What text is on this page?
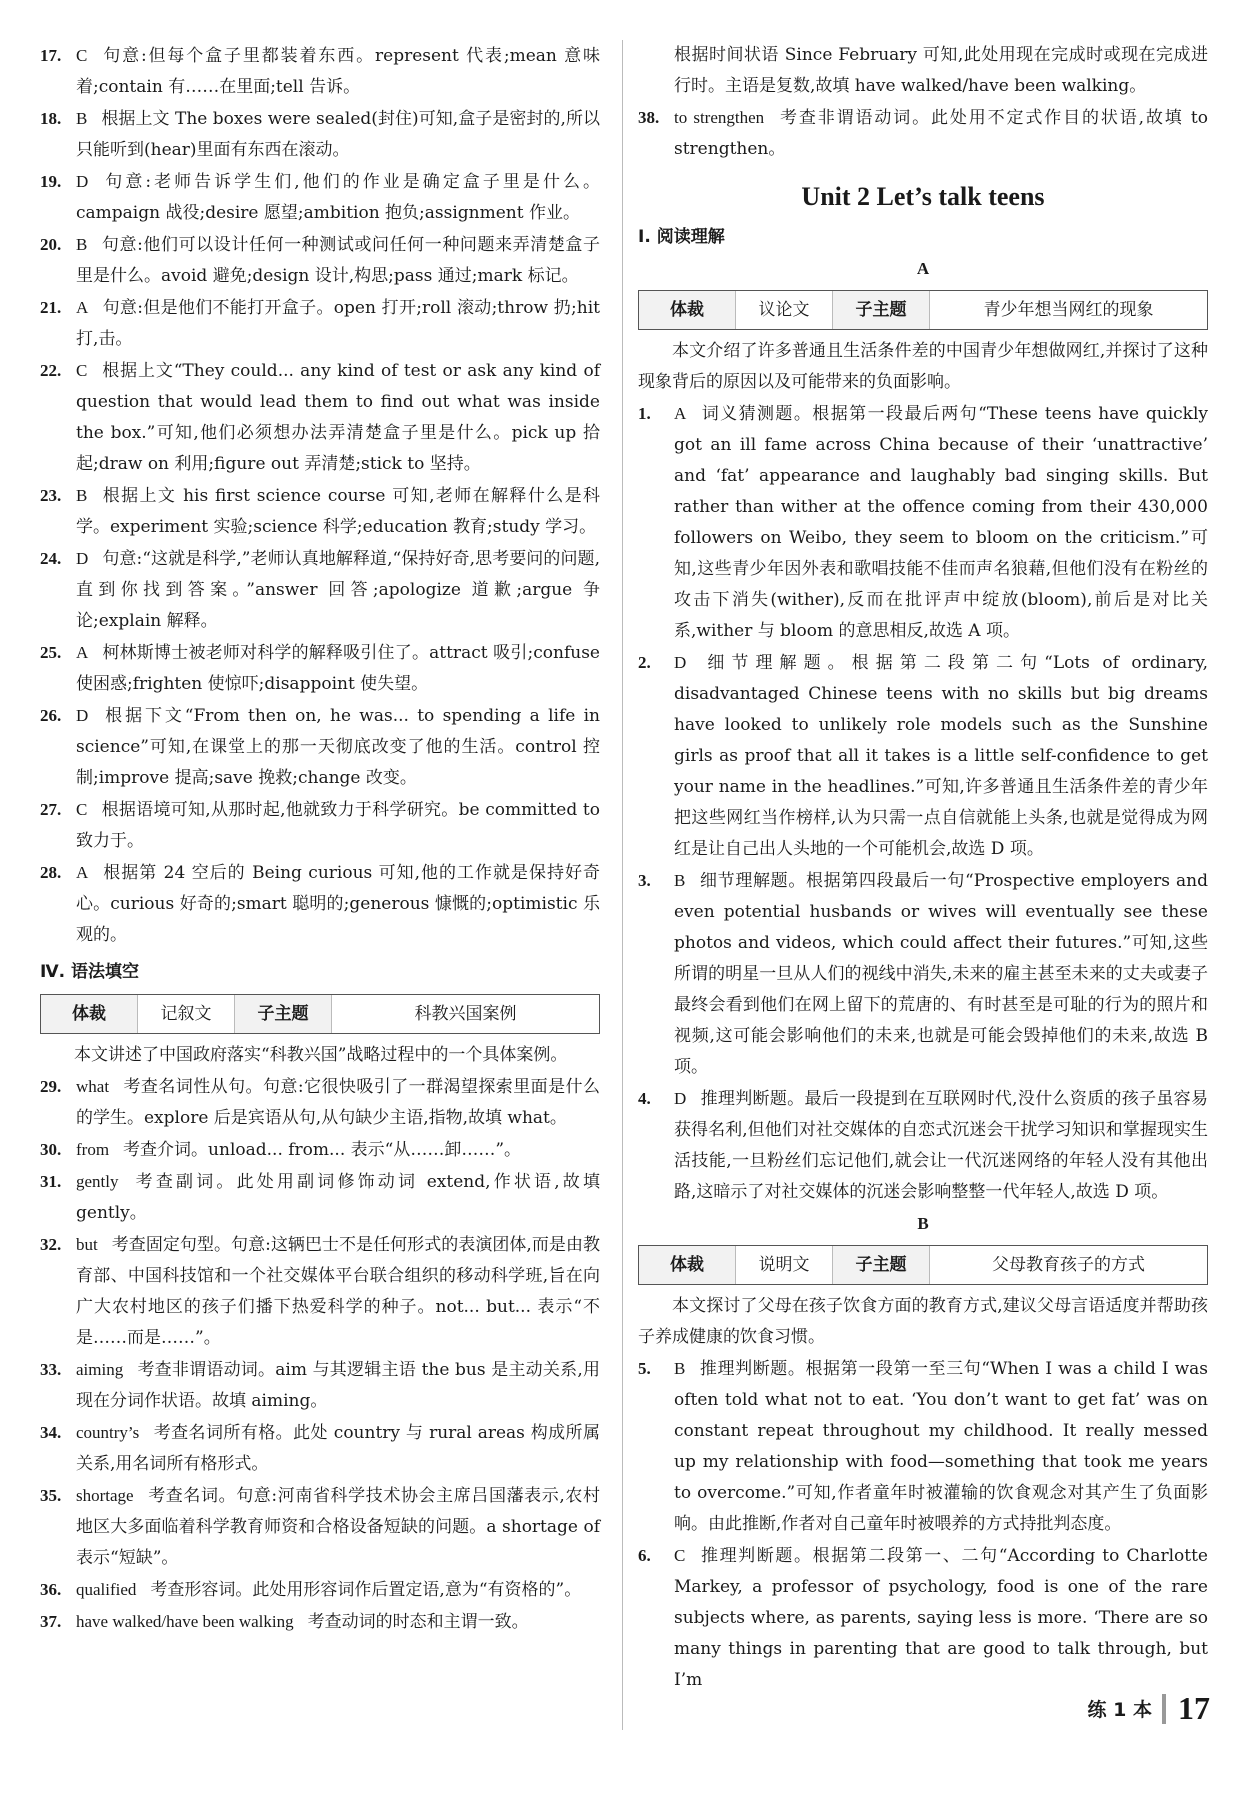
17. C 句意:但每个盒子里都装着东西。represent 代表;mean 意味着;contain 有……在里面;tell 告诉。
18. B 根据上文 The boxes were sealed(封住)可知,盒子是密封的,所以只能听到(hear)里面有东西在滚动。
19. D 句意:老师告诉学生们,他们的作业是确定盒子里是什么。campaign 战役;desire 愿望;ambition 抱负;assignment 作业。
20. B 句意:他们可以设计任何一种测试或问任何一种问题来弄清楚盒子里是什么。avoid 避免;design 设计,构思;pass 通过;mark 标记。
21. A 句意:但是他们不能打开盒子。open 打开;roll 滚动;throw 扔;hit 打,击。
22. C 根据上文“They could... any kind of test or ask any kind of question that would lead them to find out what was inside the box.”可知,他们必须想办法弄清楚盒子里是什么。pick up 拾起;draw on 利用;figure out 弄清楚;stick to 坚持。
23. B 根据上文 his first science course 可知,老师在解释什么是科学。experiment 实验;science 科学;education 教育;study 学习。
24. D 句意:“这就是科学,”老师认真地解释道,“保持好奇,思考要问的问题,直到你找到答案。”answer 回答;apologize 道歉;argue 争论;explain 解释。
25. A 柯林斯博士被老师对科学的解释吸引住了。attract 吸引;confuse 使困惑;frighten 使惊吓;disappoint 使失望。
26. D 根据下文“From then on, he was... to spending a life in science”可知,在课堂上的那一天彻底改变了他的生活。control 控制;improve 提高;save 挽救;change 改变。
27. C 根据语境可知,从那时起,他就致力于科学研究。be committed to 致力于。
28. A 根据第 24 空后的 Being curious 可知,他的工作就是保持好奇心。curious 好奇的;smart 聪明的;generous 慷慨的;optimistic 乐观的。
Ⅳ. 语法填空
体裁	记叙文	子主题	科教兴国案例
本文讲述了中国政府落实“科教兴国”战略过程中的一个具体案例。
29. what 考查名词性从句。句意:它很快吸引了一群渴望探索里面是什么的学生。explore 后是宾语从句,从句缺少主语,指物,故填 what。
30. from 考查介词。unload... from... 表示“从……卸……”。
31. gently 考查副词。此处用副词修饰动词 extend,作状语,故填 gently。
32. but 考查固定句型。句意:这辆巴士不是任何形式的表演团体,而是由教育部、中国科技馆和一个社交媒体平台联合组织的移动科学班,旨在向广大农村地区的孩子们播下热爱科学的种子。not... but... 表示“不是……而是……”。
33. aiming 考查非谓语动词。aim 与其逻辑主语 the bus 是主动关系,用现在分词作状语。故填 aiming。
34. country’s 考查名词所有格。此处 country 与 rural areas 构成所属关系,用名词所有格形式。
35. shortage 考查名词。句意:河南省科学技术协会主席吕国藩表示,农村地区大多面临着科学教育师资和合格设备短缺的问题。a shortage of 表示“短缺”。
36. qualified 考查形容词。此处用形容词作后置定语,意为“有资格的”。
37. have walked/have been walking 考查动词的时态和主谓一致。
根据时间状语 Since February 可知,此处用现在完成时或现在完成进行时。主语是复数,故填 have walked/have been walking。
38. to strengthen 考查非谓语动词。此处用不定式作目的状语,故填 to strengthen。
Unit 2 Let’s talk teens
Ⅰ. 阅读理解
A
体裁	议论文	子主题	青少年想当网红的现象
本文介绍了许多普通且生活条件差的中国青少年想做网红,并探讨了这种现象背后的原因以及可能带来的负面影响。
1.	A 词义猜测题。根据第一段最后两句“These teens have quickly got an ill fame across China because of their ‘unattractive’ and ‘fat’ appearance and laughably bad singing skills. But rather than wither at the offence coming from their 430,000 followers on Weibo, they seem to bloom on the criticism.”可知,这些青少年因外表和歌唱技能不佳而声名狼藉,但他们没有在粉丝的攻击下消失(wither),反而在批评声中绽放(bloom),前后是对比关系,wither 与 bloom 的意思相反,故选 A 项。
2.	D 细节理解题。根据第二段第二句“Lots of ordinary, disadvantaged Chinese teens with no skills but big dreams have looked to unlikely role models such as the Sunshine girls as proof that all it takes is a little self-confidence to get your name in the headlines.”可知,许多普通且生活条件差的青少年把这些网红当作榜样,认为只需一点自信就能上头条,也就是觉得成为网红是让自己出人头地的一个可能机会,故选 D 项。
3.	B 细节理解题。根据第四段最后一句“Prospective employers and even potential husbands or wives will eventually see these photos and videos, which could affect their futures.”可知,这些所谓的明星一旦从人们的视线中消失,未来的雇主甚至未来的丈夫或妻子最终会看到他们在网上留下的荒唐的、有时甚至是可耻的行为的照片和视频,这可能会影响他们的未来,也就是可能会毁掉他们的未来,故选 B 项。
4.	D 推理判断题。最后一段提到在互联网时代,没什么资质的孩子虽容易获得名利,但他们对社交媒体的自恋式沉迷会干扰学习知识和掌握现实生活技能,一旦粉丝们忘记他们,就会让一代沉迷网络的年轻人没有其他出路,这暗示了对社交媒体的沉迷会影响整整一代年轻人,故选 D 项。
B
体裁	说明文	子主题	父母教育孩子的方式
本文探讨了父母在孩子饮食方面的教育方式,建议父母言语适度并帮助孩子养成健康的饮食习惯。
5.	B 推理判断题。根据第一段第一至三句“When I was a child I was often told what not to eat. ‘You don’t want to get fat’ was on constant repeat throughout my childhood. It really messed up my relationship with food—something that took me years to overcome.”可知,作者童年时被灌输的饮食观念对其产生了负面影响。由此推断,作者对自己童年时被喂养的方式持批判态度。
6.	C 推理判断题。根据第二段第一、二句“According to Charlotte Markey, a professor of psychology, food is one of the rare subjects where, as parents, saying less is more. ‘There are so many things in parenting that are good to talk through, but I’m
练 1 本 17
